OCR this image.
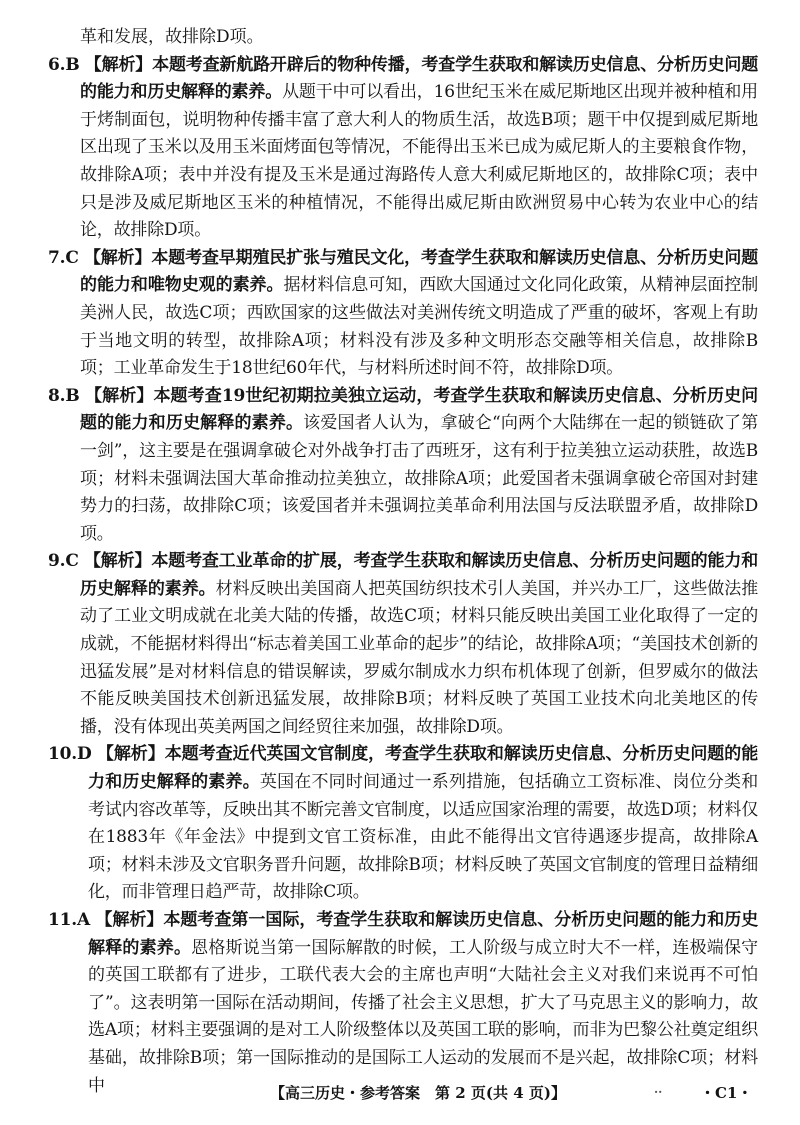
革和发展，故排除D项。

6.B 【解析】本题考查新航路开辟后的物种传播，考查学生获取和解读历史信息、分析历史问题的能力和历史解释的素养。从题干中可以看出，16世纪玉米在威尼斯地区出现并被种植和用于烤制面包，说明物种传播丰富了意大利人的物质生活，故选B项；题干中仅提到威尼斯地区出现了玉米以及用玉米面烤面包等情况，不能得出玉米已成为威尼斯人的主要粮食作物，故排除A项；表中并没有提及玉米是通过海路传人意大利威尼斯地区的，故排除C项；表中只是涉及威尼斯地区玉米的种植情况，不能得出威尼斯由欧洲贸易中心转为农业中心的结论，故排除D项。

7.C 【解析】本题考查早期殖民扩张与殖民文化，考查学生获取和解读历史信息、分析历史问题的能力和唯物史观的素养。据材料信息可知，西欧大国通过文化同化政策，从精神层面控制美洲人民，故选C项；西欧国家的这些做法对美洲传统文明造成了严重的破坏，客观上有助于当地文明的转型，故排除A项；材料没有涉及多种文明形态交融等相关信息，故排除B项；工业革命发生于18世纪60年代，与材料所述时间不符，故排除D项。

8.B 【解析】本题考查19世纪初期拉美独立运动，考查学生获取和解读历史信息、分析历史问题的能力和历史解释的素养。该爱国者人认为，拿破仑“向两个大陆绑在一起的锁链砍了第一剑”，这主要是在强调拿破仑对外战争打击了西班牙，这有利于拉美独立运动获胜，故选B项；材料未强调法国大革命推动拉美独立，故排除A项；此爱国者未强调拿破仑帝国对封建势力的扫荡，故排除C项；该爱国者并未强调拉美革命利用法国与反法联盟矛盾，故排除D项。

9.C 【解析】本题考查工业革命的扩展，考查学生获取和解读历史信息、分析历史问题的能力和历史解释的素养。材料反映出美国商人把英国纺织技术引人美国，并兴办工厂，这些做法推动了工业文明成就在北美大陆的传播，故选C项；材料只能反映出美国工业化取得了一定的成就，不能据材料得出“标志着美国工业革命的起步”的结论，故排除A项；“美国技术创新的迅猛发展”是对材料信息的错误解读，罗威尔制成水力织布机体现了创新，但罗威尔的做法不能反映美国技术创新迅猛发展，故排除B项；材料反映了英国工业技术向北美地区的传播，没有体现出英美两国之间经贸往来加强，故排除D项。

10.D 【解析】本题考查近代英国文官制度，考查学生获取和解读历史信息、分析历史问题的能力和历史解释的素养。英国在不同时间通过一系列措施，包括确立工资标准、岗位分类和考试内容改革等，反映出其不断完善文官制度，以适应国家治理的需要，故选D项；材料仅在1883年《年金法》中提到文官工资标准，由此不能得出文官待遇逐步提高，故排除A项；材料未涉及文官职务晋升问题，故排除B项；材料反映了英国文官制度的管理日益精细化，而非管理日趋严苛，故排除C项。

11.A 【解析】本题考查第一国际，考查学生获取和解读历史信息、分析历史问题的能力和历史解释的素养。恩格斯说当第一国际解散的时候，工人阶级与成立时大不一样，连极端保守的英国工联都有了进步，工联代表大会的主席也声明“大陆社会主义对我们来说再不可怕了”。这表明第一国际在活动期间，传播了社会主义思想，扩大了马克思主义的影响力，故选A项；材料主要强调的是对工人阶级整体以及英国工联的影响，而非为巴黎公社奠定组织基础，故排除B项；第一国际推动的是国际工人运动的发展而不是兴起，故排除C项；材料中	【高三历史・参考答案　第 2 页(共 4 页)】	..	・C1・
